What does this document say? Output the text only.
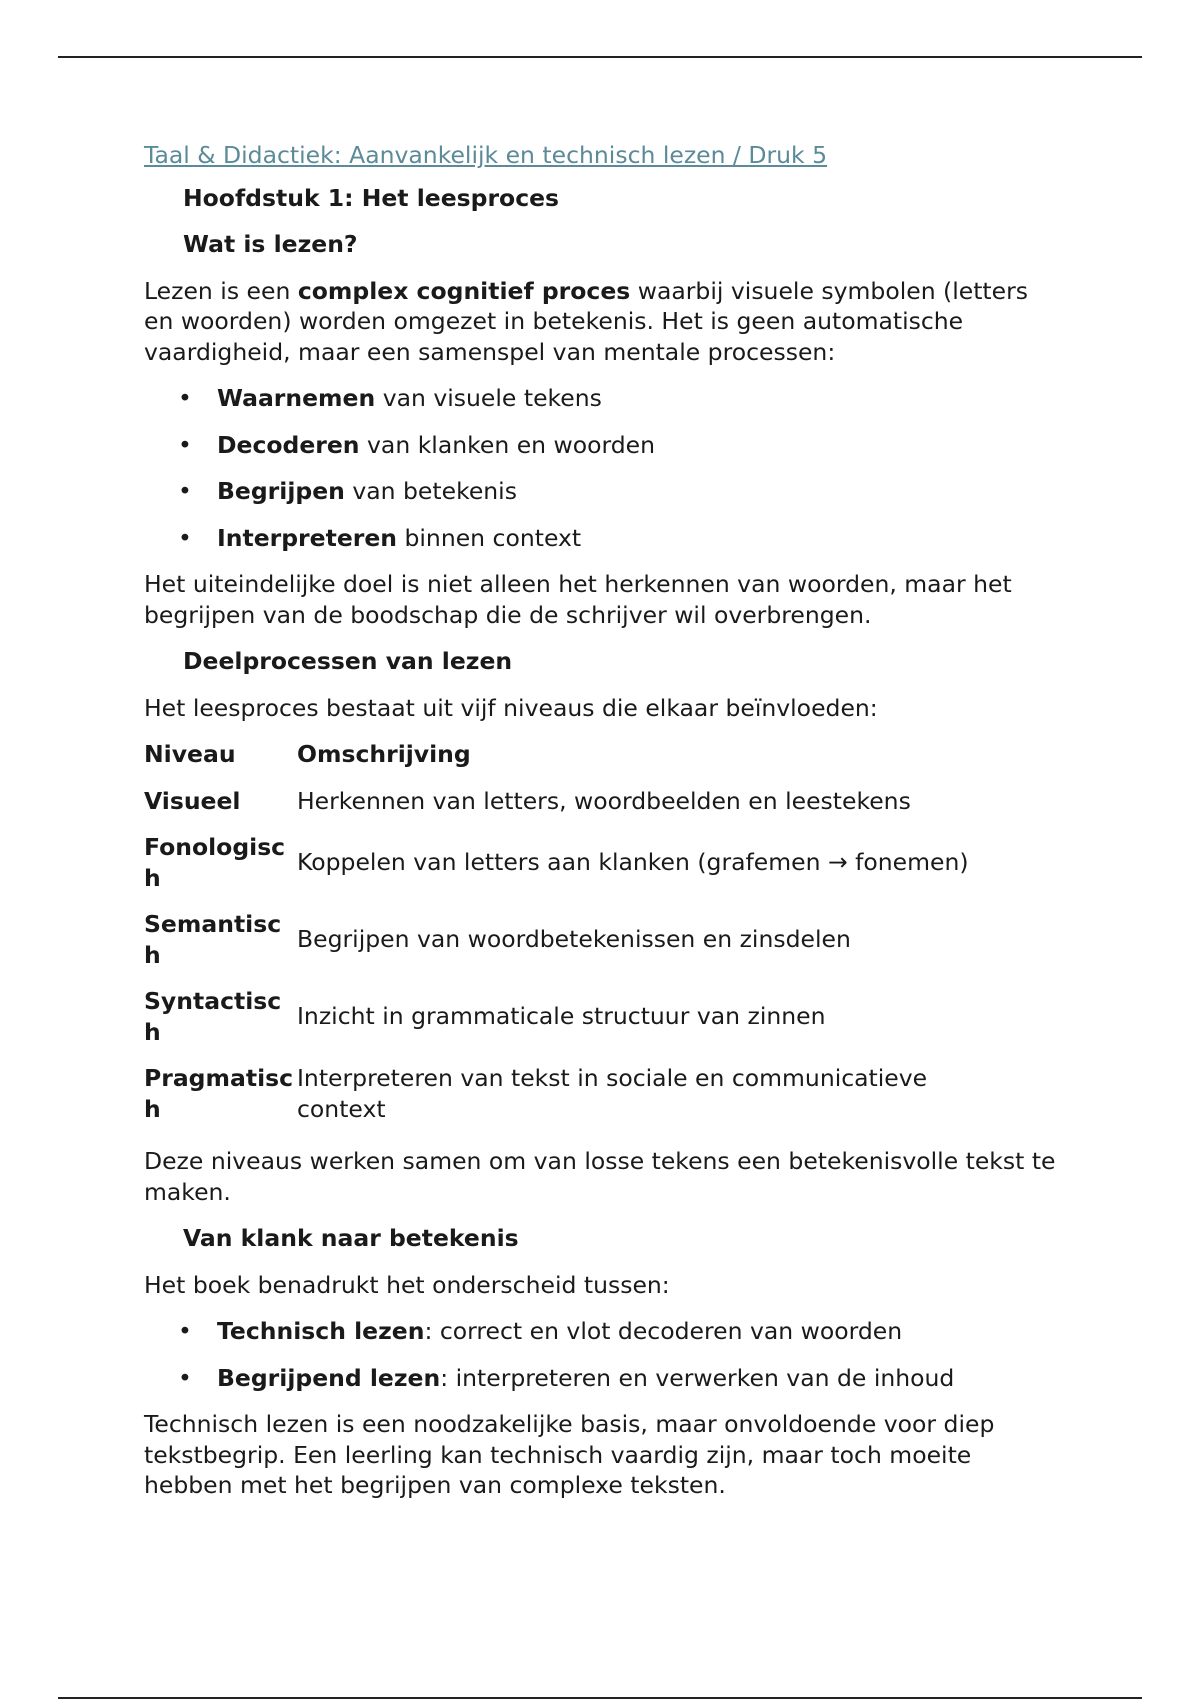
Taal & Didactiek: Aanvankelijk en technisch lezen / Druk 5
Hoofdstuk 1: Het leesproces
Wat is lezen?

Lezen is een complex cognitief proces waarbij visuele symbolen (letters en woorden) worden omgezet in betekenis. Het is geen automatische vaardigheid, maar een samenspel van mentale processen:

• Waarnemen van visuele tekens
• Decoderen van klanken en woorden
• Begrijpen van betekenis
• Interpreteren binnen context

Het uiteindelijke doel is niet alleen het herkennen van woorden, maar het begrijpen van de boodschap die de schrijver wil overbrengen.

Deelprocessen van lezen

Het leesproces bestaat uit vijf niveaus die elkaar beïnvloeden:

Niveau	Omschrijving
Visueel	Herkennen van letters, woordbeelden en leestekens
Fonologisch	Koppelen van letters aan klanken (grafemen → fonemen)
Semantisch	Begrijpen van woordbetekenissen en zinsdelen
Syntactisch	Inzicht in grammaticale structuur van zinnen
Pragmatisch	Interpreteren van tekst in sociale en communicatieve context

Deze niveaus werken samen om van losse tekens een betekenisvolle tekst te maken.

Van klank naar betekenis

Het boek benadrukt het onderscheid tussen:

• Technisch lezen: correct en vlot decoderen van woorden
• Begrijpend lezen: interpreteren en verwerken van de inhoud

Technisch lezen is een noodzakelijke basis, maar onvoldoende voor diep tekstbegrip. Een leerling kan technisch vaardig zijn, maar toch moeite hebben met het begrijpen van complexe teksten.
